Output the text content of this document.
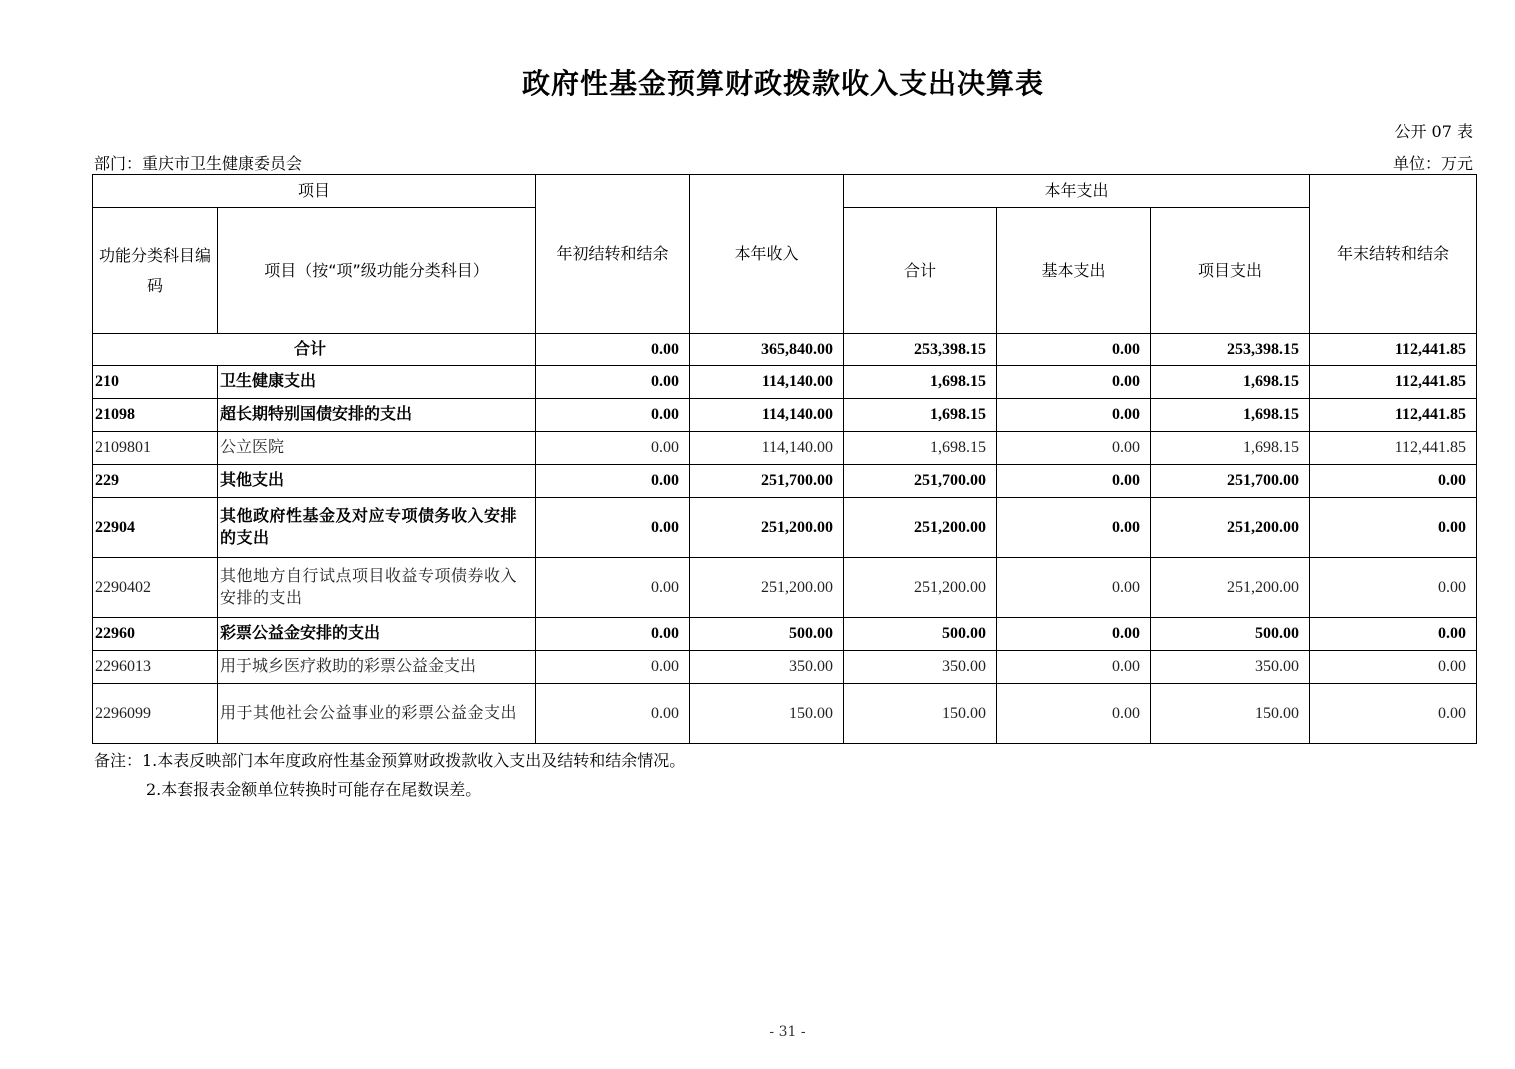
政府性基金预算财政拨款收入支出决算表
公开 07 表
部门：重庆市卫生健康委员会	单位：万元
项目		年初结转和结余	本年收入	本年支出			年末结转和结余
功能分类科目编码	项目（按“项”级功能分类科目）			合计	基本支出	项目支出	
合计		0.00	365,840.00	253,398.15	0.00	253,398.15	112,441.85
210	卫生健康支出	0.00	114,140.00	1,698.15	0.00	1,698.15	112,441.85
21098	超长期特别国债安排的支出	0.00	114,140.00	1,698.15	0.00	1,698.15	112,441.85
2109801	公立医院	0.00	114,140.00	1,698.15	0.00	1,698.15	112,441.85
229	其他支出	0.00	251,700.00	251,700.00	0.00	251,700.00	0.00
22904	其他政府性基金及对应专项债务收入安排的支出	0.00	251,200.00	251,200.00	0.00	251,200.00	0.00
2290402	其他地方自行试点项目收益专项债券收入安排的支出	0.00	251,200.00	251,200.00	0.00	251,200.00	0.00
22960	彩票公益金安排的支出	0.00	500.00	500.00	0.00	500.00	0.00
2296013	用于城乡医疗救助的彩票公益金支出	0.00	350.00	350.00	0.00	350.00	0.00
2296099	用于其他社会公益事业的彩票公益金支出	0.00	150.00	150.00	0.00	150.00	0.00
备注：1.本表反映部门本年度政府性基金预算财政拨款收入支出及结转和结余情况。
2.本套报表金额单位转换时可能存在尾数误差。
- 31 -
